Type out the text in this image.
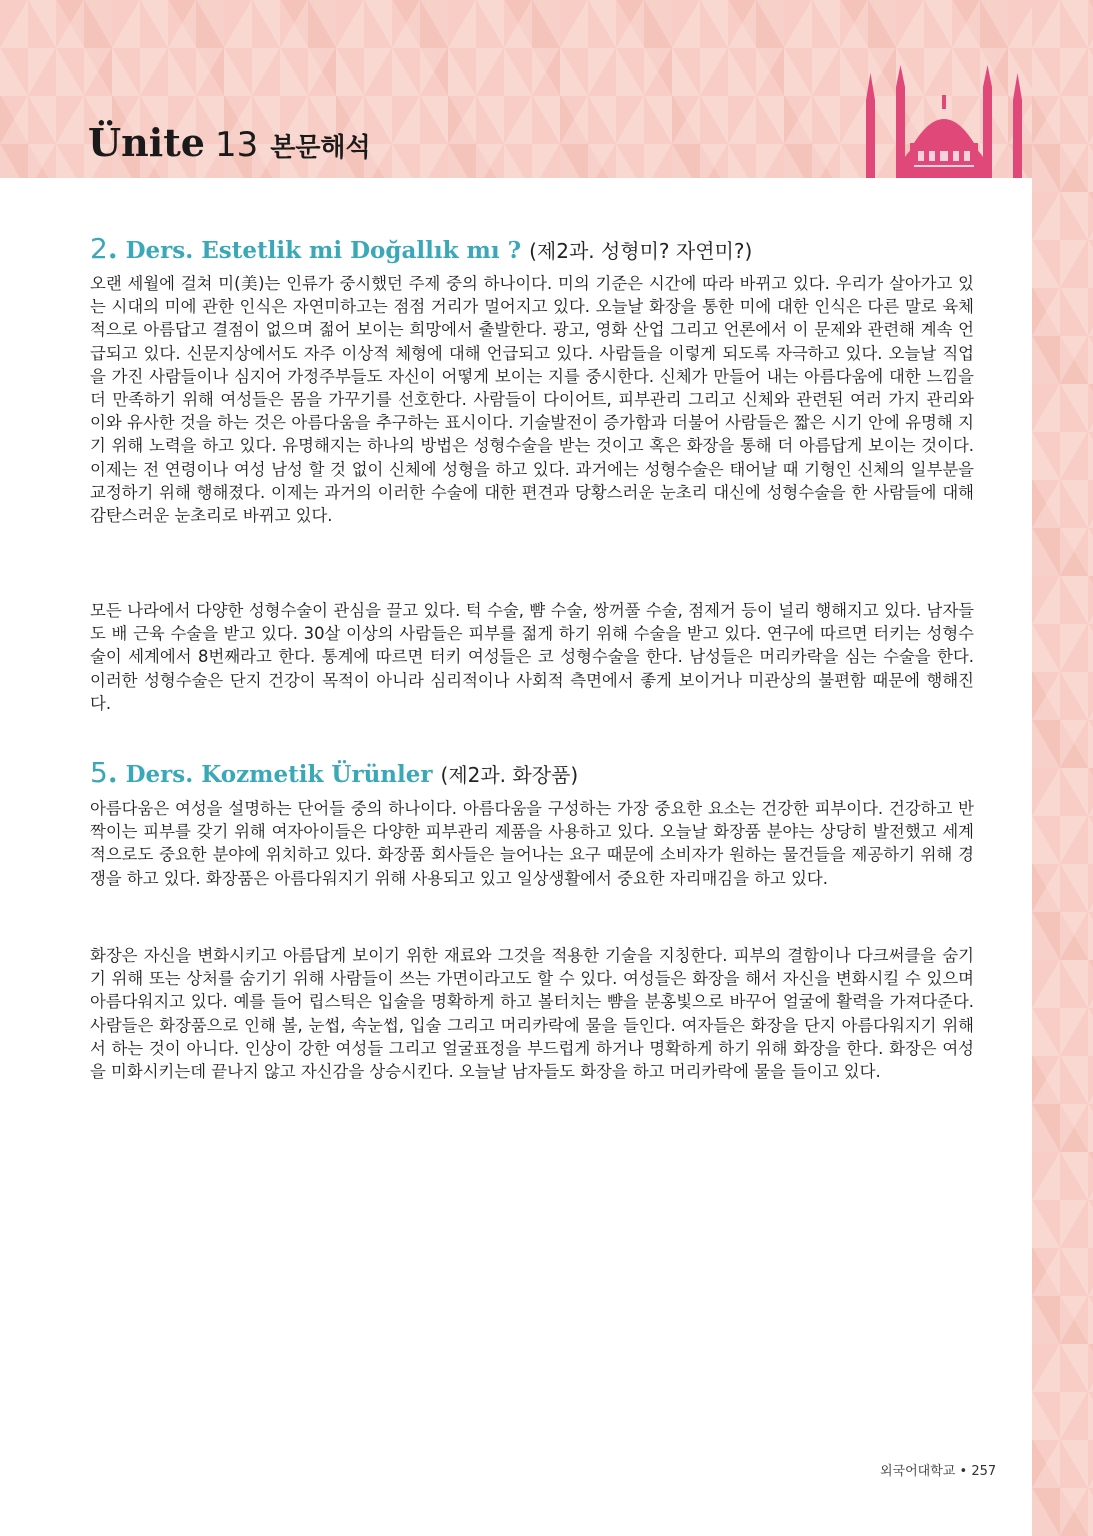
Ünite 13 본문해석
2 . Ders. Estetlik mi Doğallık mı ? (제2과. 성형미? 자연미?)

오랜 세월에 걸쳐 미(美)는 인류가 중시했던 주제 중의 하나이다. 미의 기준은 시간에 따라 바뀌고 있다. 우리가 살아가고 있는 시대의 미에 관한 인식은 자연미하고는 점점 거리가 멀어지고 있다. 오늘날 화장을 통한 미에 대한 인식은 다른 말로 육체적으로 아름답고 결점이 없으며 젊어 보이는 희망에서 출발한다. 광고, 영화 산업 그리고 언론에서 이 문제와 관련해 계속 언급되고 있다. 신문지상에서도 자주 이상적 체형에 대해 언급되고 있다. 사람들을 이렇게 되도록 자극하고 있다. 오늘날 직업을 가진 사람들이나 심지어 가정주부들도 자신이 어떻게 보이는 지를 중시한다. 신체가 만들어 내는 아름다움에 대한 느낌을 더 만족하기 위해 여성들은 몸을 가꾸기를 선호한다. 사람들이 다이어트, 피부관리 그리고 신체와 관련된 여러 가지 관리와 이와 유사한 것을 하는 것은 아름다움을 추구하는 표시이다. 기술발전이 증가함과 더불어 사람들은 짧은 시기 안에 유명해 지기 위해 노력을 하고 있다. 유명해지는 하나의 방법은 성형수술을 받는 것이고 혹은 화장을 통해 더 아름답게 보이는 것이다. 이제는 전 연령이나 여성 남성 할 것 없이 신체에 성형을 하고 있다. 과거에는 성형수술은 태어날 때 기형인 신체의 일부분을 교정하기 위해 행해졌다. 이제는 과거의 이러한 수술에 대한 편견과 당황스러운 눈초리 대신에 성형수술을 한 사람들에 대해 감탄스러운 눈초리로 바뀌고 있다.

모든 나라에서 다양한 성형수술이 관심을 끌고 있다. 턱 수술, 뺨 수술, 쌍꺼풀 수술, 점제거 등이 널리 행해지고 있다. 남자들도 배 근육 수술을 받고 있다. 30살 이상의 사람들은 피부를 젊게 하기 위해 수술을 받고 있다. 연구에 따르면 터키는 성형수술이 세계에서 8번째라고 한다. 통계에 따르면 터키 여성들은 코 성형수술을 한다. 남성들은 머리카락을 심는 수술을 한다. 이러한 성형수술은 단지 건강이 목적이 아니라 심리적이나 사회적 측면에서 좋게 보이거나 미관상의 불편함 때문에 행해진다.

5 . Ders. Kozmetik Ürünler (제2과. 화장품)

아름다움은 여성을 설명하는 단어들 중의 하나이다. 아름다움을 구성하는 가장 중요한 요소는 건강한 피부이다. 건강하고 반짝이는 피부를 갖기 위해 여자아이들은 다양한 피부관리 제품을 사용하고 있다. 오늘날 화장품 분야는 상당히 발전했고 세계적으로도 중요한 분야에 위치하고 있다. 화장품 회사들은 늘어나는 요구 때문에 소비자가 원하는 물건들을 제공하기 위해 경쟁을 하고 있다. 화장품은 아름다워지기 위해 사용되고 있고 일상생활에서 중요한 자리매김을 하고 있다.

화장은 자신을 변화시키고 아름답게 보이기 위한 재료와 그것을 적용한 기술을 지칭한다. 피부의 결함이나 다크써클을 숨기기 위해 또는 상처를 숨기기 위해 사람들이 쓰는 가면이라고도 할 수 있다. 여성들은 화장을 해서 자신을 변화시킬 수 있으며 아름다워지고 있다. 예를 들어 립스틱은 입술을 명확하게 하고 볼터치는 뺨을 분홍빛으로 바꾸어 얼굴에 활력을 가져다준다. 사람들은 화장품으로 인해 볼, 눈썹, 속눈썹, 입술 그리고 머리카락에 물을 들인다. 여자들은 화장을 단지 아름다워지기 위해서 하는 것이 아니다. 인상이 강한 여성들 그리고 얼굴표정을 부드럽게 하거나 명확하게 하기 위해 화장을 한다. 화장은 여성을 미화시키는데 끝나지 않고 자신감을 상승시킨다. 오늘날 남자들도 화장을 하고 머리카락에 물을 들이고 있다.

외국어대학교 • 257
